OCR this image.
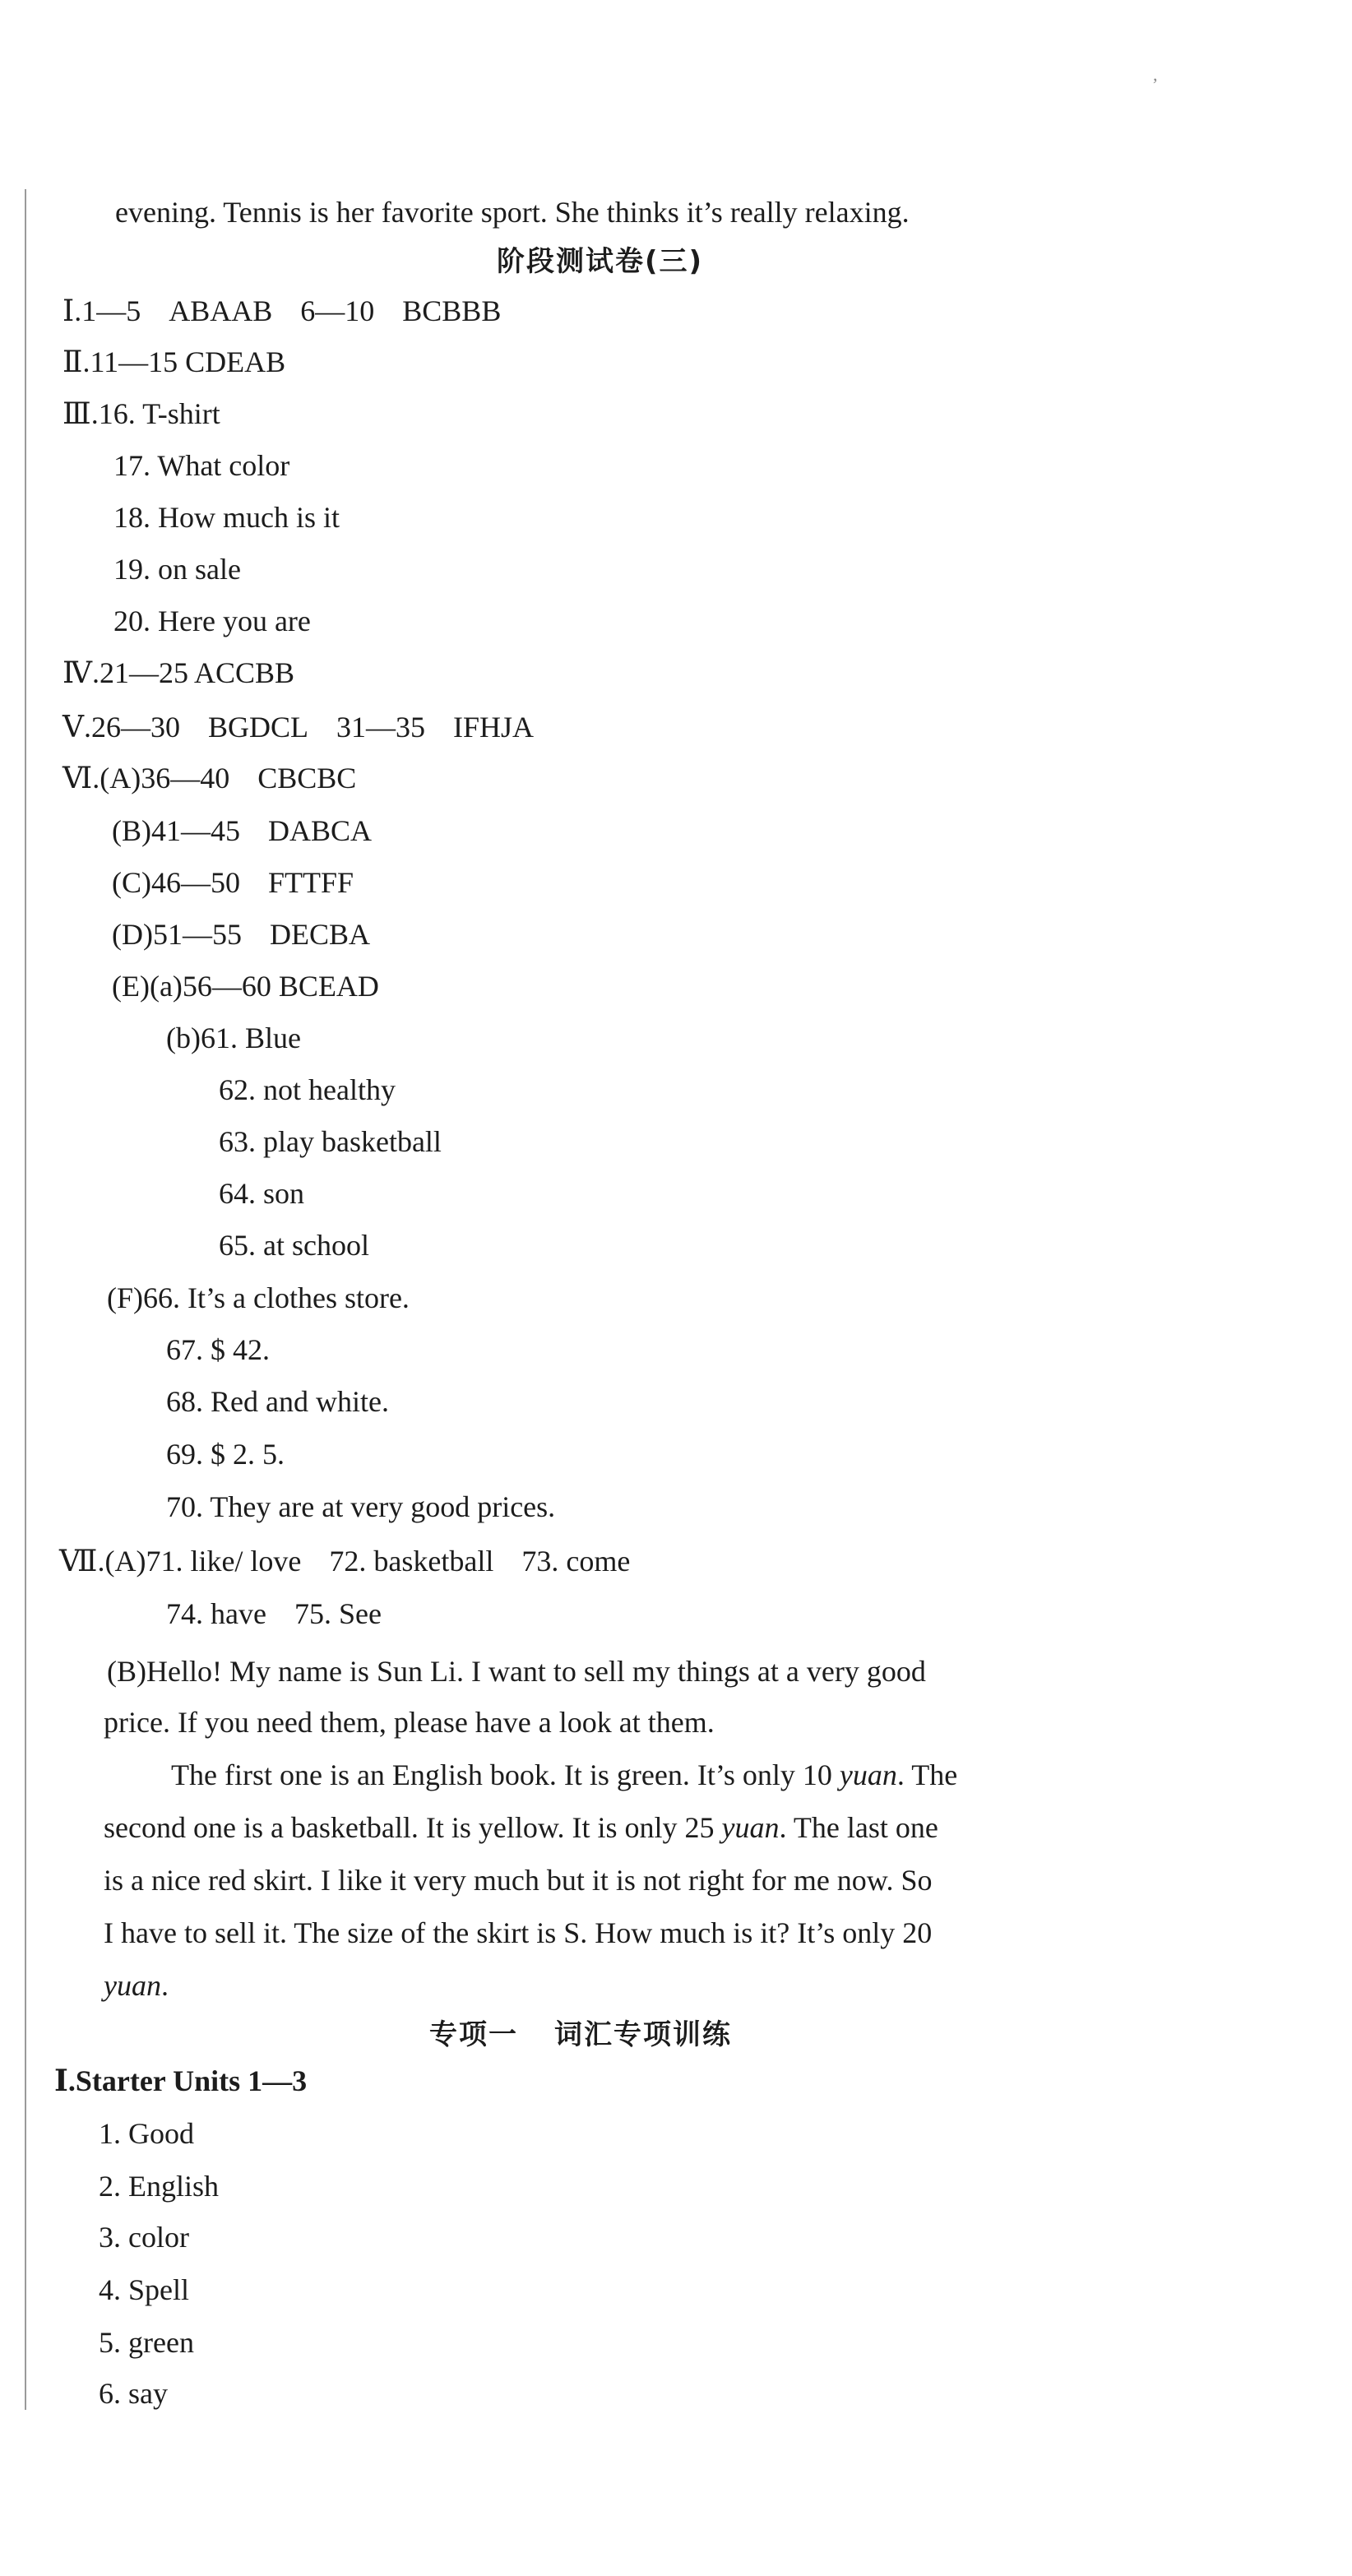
,
evening. Tennis is her favorite sport. She thinks it’s really relaxing.
阶段测试卷(三)
Ⅰ.1—5 ABAAB 6—10 BCBBB
Ⅱ.11—15 CDEAB
Ⅲ.16. T-shirt
17. What color
18. How much is it
19. on sale
20. Here you are
Ⅳ.21—25 ACCBB
Ⅴ.26—30 BGDCL 31—35 IFHJA
Ⅵ.(A)36—40 CBCBC
(B)41—45 DABCA
(C)46—50 FTTFF
(D)51—55 DECBA
(E)(a)56—60 BCEAD
(b)61. Blue
62. not healthy
63. play basketball
64. son
65. at school
(F)66. It’s a clothes store.
67. $ 42.
68. Red and white.
69. $ 2. 5.
70. They are at very good prices.
Ⅶ.(A)71. like/ love 72. basketball 73. come
74. have 75. See
(B)Hello! My name is Sun Li. I want to sell my things at a very good
price. If you need them, please have a look at them.
The first one is an English book. It is green. It’s only 10 yuan. The
second one is a basketball. It is yellow. It is only 25 yuan. The last one
is a nice red skirt. I like it very much but it is not right for me now. So
I have to sell it. The size of the skirt is S. How much is it? It’s only 20
yuan.
专项一 词汇专项训练
Ⅰ.Starter Units 1—3
1. Good
2. English
3. color
4. Spell
5. green
6. say
